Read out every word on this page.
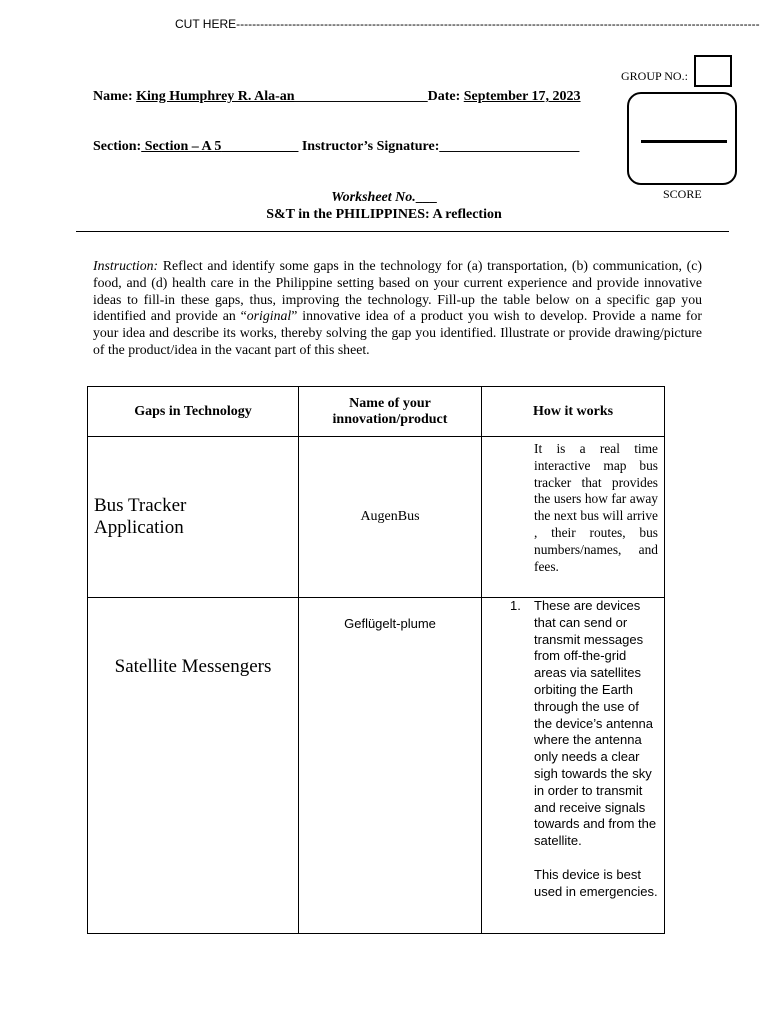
CUT HERE-----------------------------------------------------------------------------------------------------------------------------------
GROUP NO.:
Name: King Humphrey R. Ala-an___________________Date: September 17, 2023
SCORE
Section: Section – A 5___________ Instructor’s Signature:____________________
Worksheet No.___
S&T in the PHILIPPINES: A reflection
Instruction: Reflect and identify some gaps in the technology for (a) transportation, (b) communication, (c) food, and (d) health care in the Philippine setting based on your current experience and provide innovative ideas to fill-in these gaps, thus, improving the technology. Fill-up the table below on a specific gap you identified and provide an “original” innovative idea of a product you wish to develop. Provide a name for your idea and describe its works, thereby solving the gap you identified. Illustrate or provide drawing/picture of the product/idea in the vacant part of this sheet.
Gaps in Technology	Name of your innovation/product	How it works

Bus Tracker Application	AugenBus	It is a real time interactive map bus tracker that provides the users how far away the next bus will arrive , their routes, bus numbers/names, and fees.

Satellite Messengers	Geflügelt-plume	1. These are devices that can send or transmit messages from off-the-grid areas via satellites orbiting the Earth through the use of the device’s antenna where the antenna only needs a clear sigh towards the sky in order to transmit and receive signals towards and from the satellite.

This device is best used in emergencies.
